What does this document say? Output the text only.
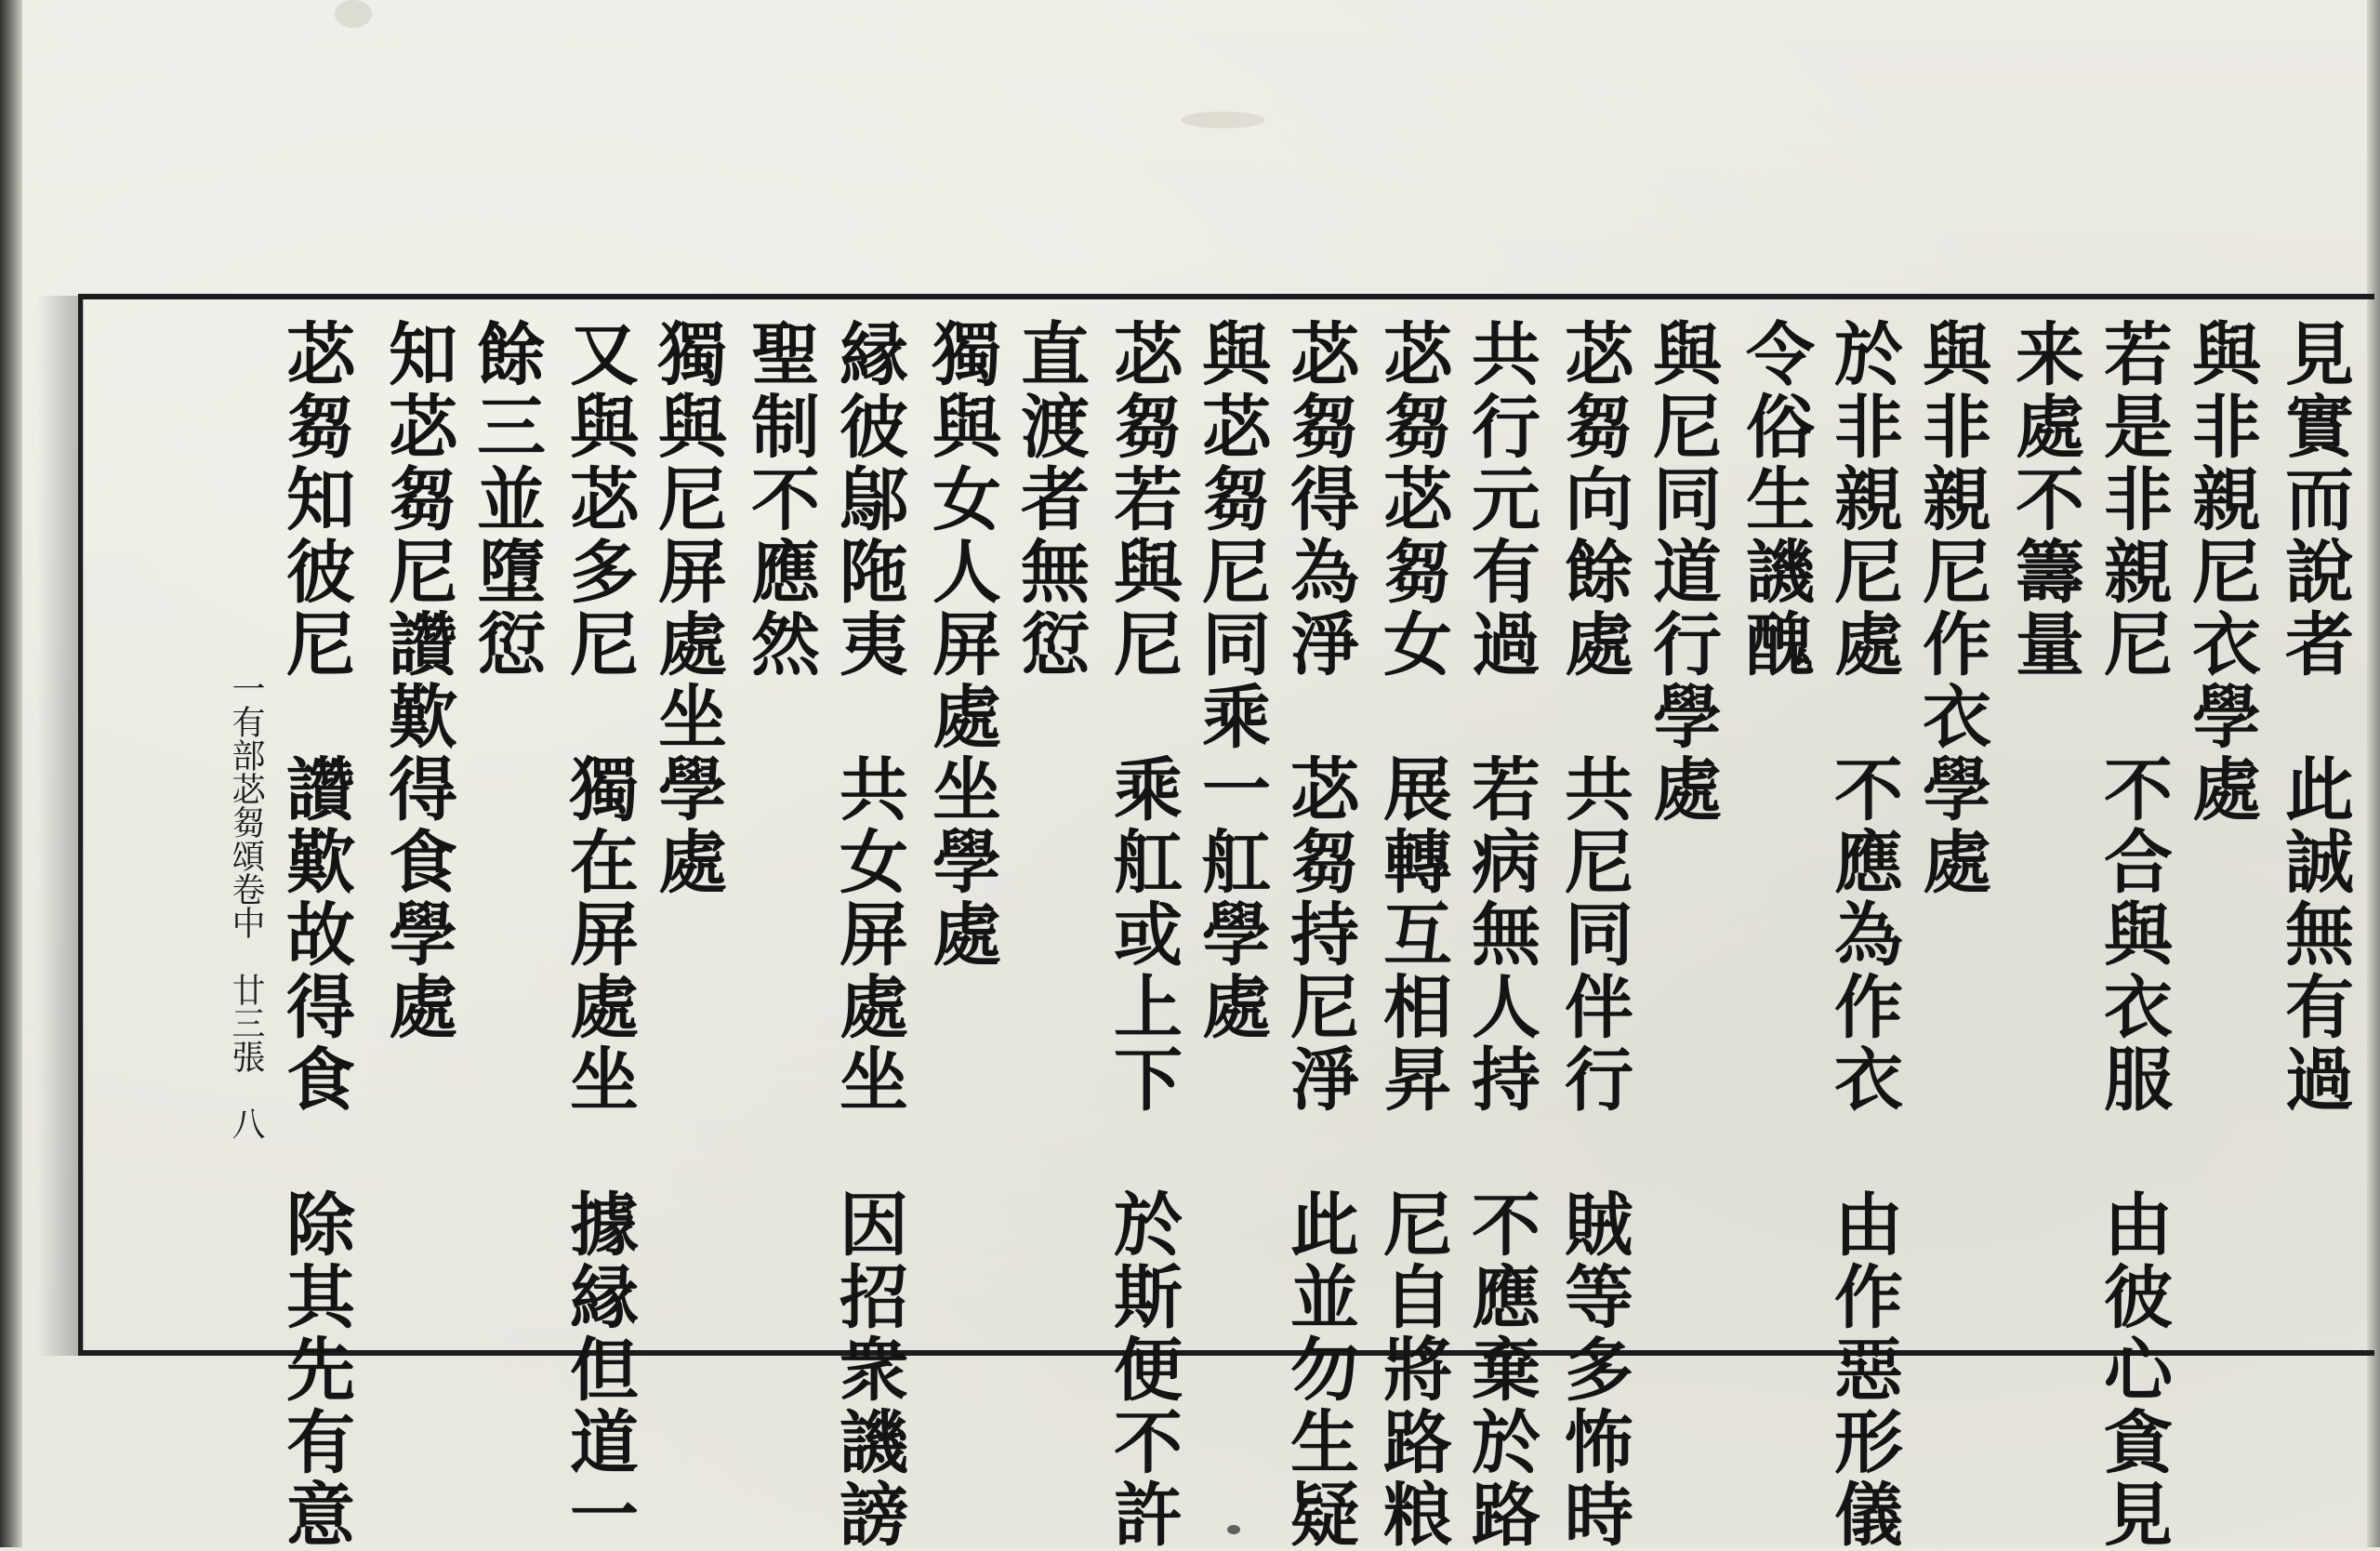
見實而說者　此誠無有過
與非親尼衣學處
若是非親尼　不合與衣服　由彼心貪見
来處不籌量
與非親尼作衣學處
於非親尼處　不應為作衣　由作惡形儀
令俗生譏醜
與尼同道行學處
苾芻向餘處　共尼同伴行　賊等多怖時
共行元有過　若病無人持　不應棄於路
苾芻苾芻女　展轉互相昇　尼自將路粮
苾芻得為淨　苾芻持尼淨　此並勿生疑
與苾芻尼同乘一舡學處
苾芻若與尼　乘舡或上下　於斯便不許
直渡者無愆
獨與女人屏處坐學處
縁彼鄔陁夷　共女屏處坐　因招衆譏謗
聖制不應然
獨與尼屏處坐學處
又與苾多尼　獨在屏處坐　據縁但道一
餘三並墮愆
知苾芻尼讚歎得食學處
苾芻知彼尼　讚歎故得食　除其先有意
一有部苾芻頌卷中　廿三張　八
